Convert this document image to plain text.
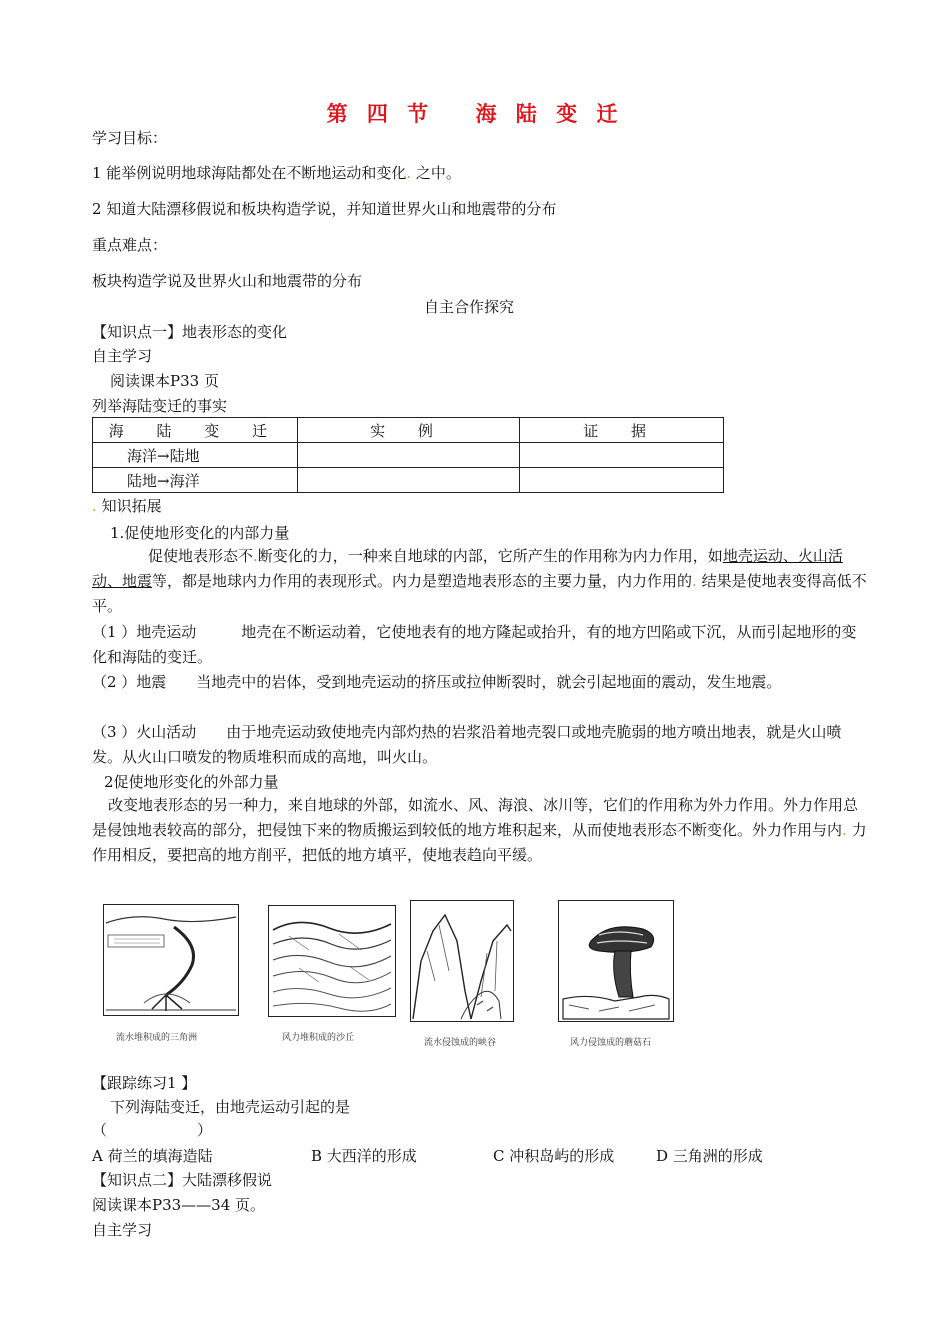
第 四 节 海 陆 变 迁
学习目标：
1 能举例说明地球海陆都处在不断地运动和变化. 之中。
2 知道大陆漂移假说和板块构造学说，并知道世界火山和地震带的分布
重点难点：
板块构造学说及世界火山和地震带的分布
自主合作探究
【知识点一】地表形态的变化
自主学习
阅读课本P33 页
列举海陆变迁的事实
海 陆 变 迁	实 例	证 据
海洋→陆地		
陆地→海洋		
. 知识拓展
1.促使地形变化的内部力量
促使地表形态不.断变化的力，一种来自地球的内部，它所产生的作用称为内力作用，如地壳运动、火山活动、地震等，都是地球内力作用的表现形式。内力是塑造地表形态的主要力量，内力作用的. 结果是使地表变得高低不平。
（1 ）地壳运动　　　地壳在不断运动着，它使地表有的地方隆起或抬升，有的地方凹陷或下沉，从而引起地形的变化和海陆的变迁。
（2 ）地震　　当地壳中的岩体，受到地壳运动的挤压或拉伸断裂时，就会引起地面的震动，发生地震。
（3 ）火山活动　　由于地壳运动致使地壳内部灼热的岩浆沿着地壳裂口或地壳脆弱的地方喷出地表，就是火山喷发。从火山口喷发的物质堆积而成的高地，叫火山。
2促使地形变化的外部力量
改变地表形态的另一种力，来自地球的外部，如流水、风、海浪、冰川等，它们的作用称为外力作用。外力作用总是侵蚀地表较高的部分，把侵蚀下来的物质搬运到较低的地方堆积起来，从而使地表形态不断变化。外力作用与内. 力作用相反，要把高的地方削平，把低的地方填平，使地表趋向平缓。
流水堆积成的三角洲	风力堆积成的沙丘	流水侵蚀成的峡谷	风力侵蚀成的蘑菇石
【跟踪练习1 】
下列海陆变迁，由地壳运动引起的是
（　　　　　　）
A 荷兰的填海造陆	B 大西洋的形成	C 冲积岛屿的形成	D 三角洲的形成
【知识点二】大陆漂移假说
阅读课本P33——34 页。
自主学习
